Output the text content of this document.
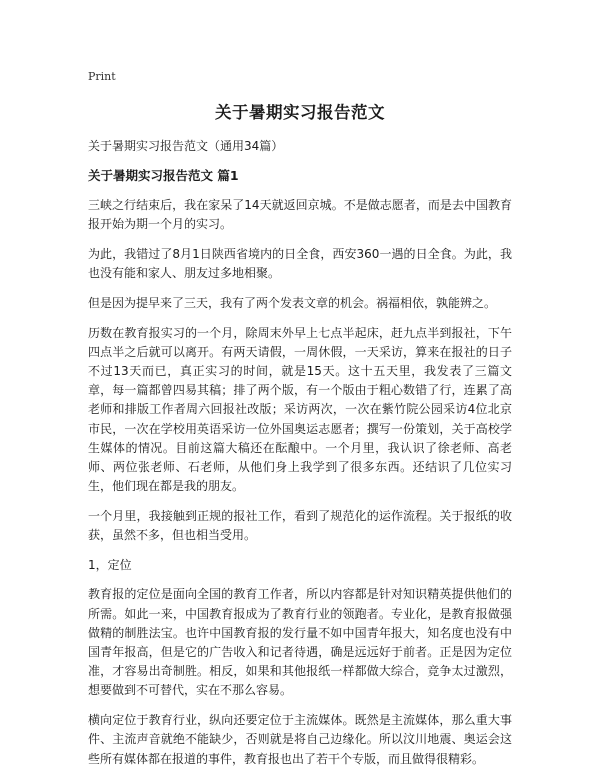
Print
关于暑期实习报告范文

关于暑期实习报告范文（通用34篇）

关于暑期实习报告范文 篇1

三峡之行结束后，我在家呆了14天就返回京城。不是做志愿者，而是去中国教育报开始为期一个月的实习。

为此，我错过了8月1日陕西省境内的日全食，西安360一遇的日全食。为此，我也没有能和家人、朋友过多地相聚。

但是因为提早来了三天，我有了两个发表文章的机会。祸福相依，孰能辨之。

历数在教育报实习的一个月，除周末外早上七点半起床，赶九点半到报社，下午四点半之后就可以离开。有两天请假，一周休假，一天采访，算来在报社的日子不过13天而已，真正实习的时间，就是15天。这十五天里，我发表了三篇文章，每一篇都曾四易其稿；排了两个版，有一个版由于粗心数错了行，连累了高老师和排版工作者周六回报社改版；采访两次，一次在紫竹院公园采访4位北京市民，一次在学校用英语采访一位外国奥运志愿者；撰写一份策划，关于高校学生媒体的情况。目前这篇大稿还在酝酿中。一个月里，我认识了徐老师、高老师、两位张老师、石老师，从他们身上我学到了很多东西。还结识了几位实习生，他们现在都是我的朋友。

一个月里，我接触到正规的报社工作，看到了规范化的运作流程。关于报纸的收获，虽然不多，但也相当受用。

1，定位

教育报的定位是面向全国的教育工作者，所以内容都是针对知识精英提供他们的所需。如此一来，中国教育报成为了教育行业的领跑者。专业化，是教育报做强做精的制胜法宝。也许中国教育报的发行量不如中国青年报大，知名度也没有中国青年报高，但是它的广告收入和记者待遇，确是远远好于前者。正是因为定位准，才容易出奇制胜。相反，如果和其他报纸一样都做大综合，竞争太过激烈，想要做到不可替代，实在不那么容易。

横向定位于教育行业，纵向还要定位于主流媒体。既然是主流媒体，那么重大事件、主流声音就绝不能缺少，否则就是将自己边缘化。所以汶川地震、奥运会这些所有媒体都在报道的事件，教育报也出了若干个专版，而且做得很精彩。
